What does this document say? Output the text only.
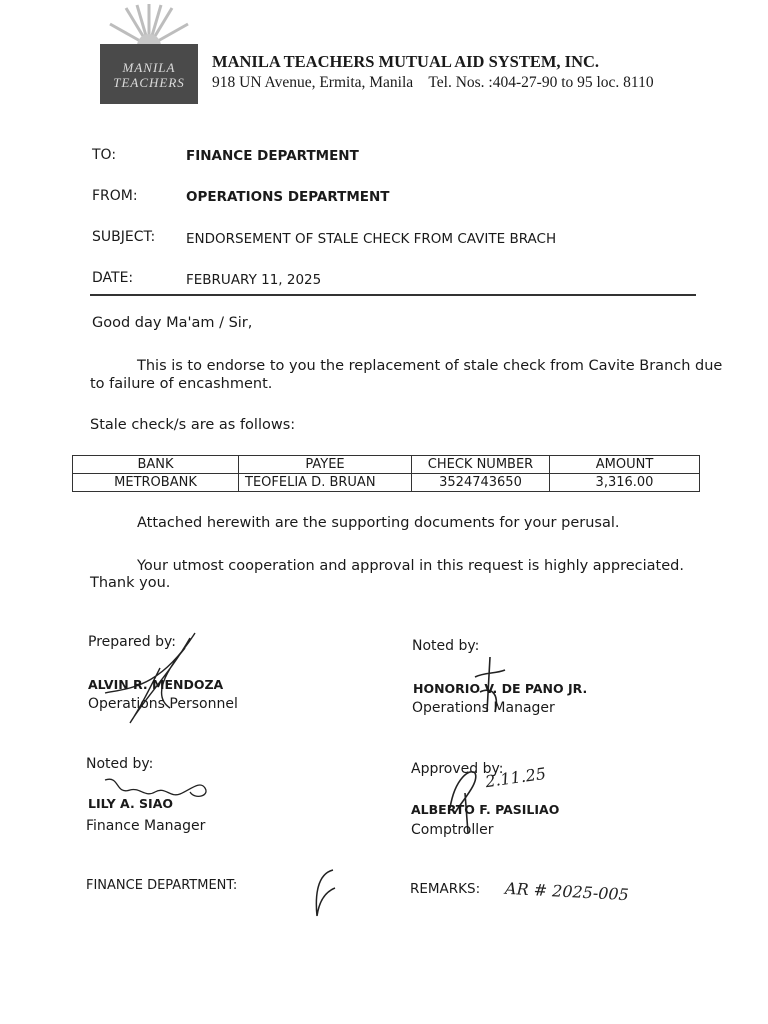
MANILA
TEACHERS
MANILA TEACHERS MUTUAL AID SYSTEM, INC.
918 UN Avenue, Ermita, Manila    Tel. Nos. :404-27-90 to 95 loc. 8110
TO:	FINANCE DEPARTMENT
FROM:	OPERATIONS DEPARTMENT
SUBJECT: ENDORSEMENT OF STALE CHECK FROM CAVITE BRACH
DATE:	FEBRUARY 11, 2025
Good day Ma'am / Sir,
This is to endorse to you the replacement of stale check from Cavite Branch due
to failure of encashment.
Stale check/s are as follows:
BANK	PAYEE	CHECK NUMBER	AMOUNT
METROBANK	TEOFELIA D. BRUAN	3524743650	3,316.00
Attached herewith are the supporting documents for your perusal.
Your utmost cooperation and approval in this request is highly appreciated.
Thank you.
Prepared by:
ALVIN R. MENDOZA
Operations Personnel
Noted by:
HONORIO V. DE PANO JR.
Operations Manager
Noted by:
LILY A. SIAO
Finance Manager
Approved by:
2.11.25
ALBERTO F. PASILIAO
Comptroller
FINANCE DEPARTMENT:	REMARKS: AR # 2025-005
